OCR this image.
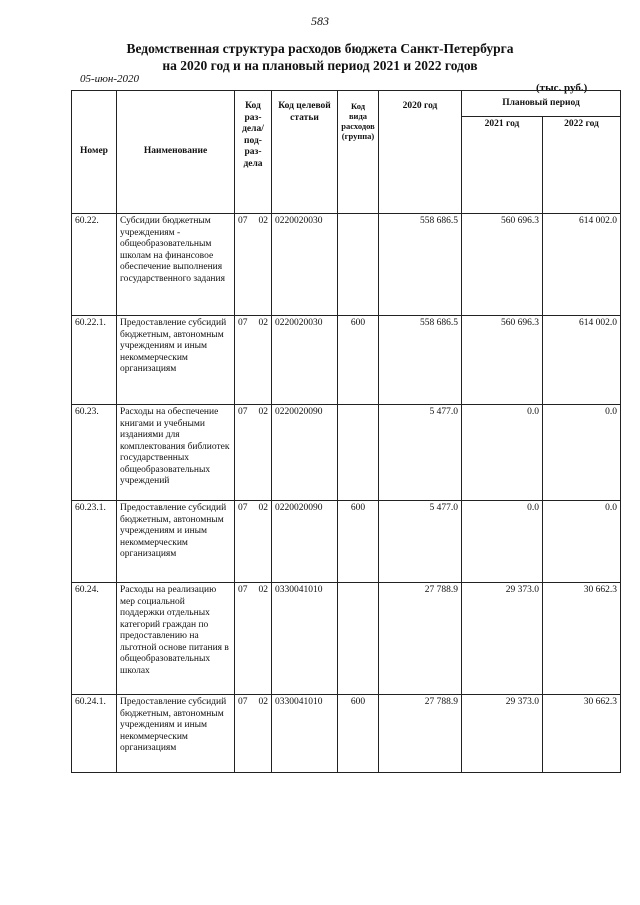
583
Ведомственная структура расходов бюджета Санкт-Петербурга
на 2020 год и на плановый период 2021 и 2022 годов
05-июн-2020
(тыс. руб.)
Номер	Наименование	Код раз- дела/ под- раз- дела	Код целевой статьи	Код вида расходов (группа)	2020 год	Плановый период	
						2021 год	2022 год
60.22.	Субсидии бюджетным учреждениям - общеобразовательным школам на финансовое обеспечение выполнения государственного задания	07 02	0220020030		558 686.5	560 696.3	614 002.0
60.22.1.	Предоставление субсидий бюджетным, автономным учреждениям и иным некоммерческим организациям	07 02	0220020030	600	558 686.5	560 696.3	614 002.0
60.23.	Расходы на обеспечение книгами и учебными изданиями для комплектования библиотек государственных общеобразовательных учреждений	07 02	0220020090		5 477.0	0.0	0.0
60.23.1.	Предоставление субсидий бюджетным, автономным учреждениям и иным некоммерческим организациям	07 02	0220020090	600	5 477.0	0.0	0.0
60.24.	Расходы на реализацию мер социальной поддержки отдельных категорий граждан по предоставлению на льготной основе питания в общеобразовательных школах	07 02	0330041010		27 788.9	29 373.0	30 662.3
60.24.1.	Предоставление субсидий бюджетным, автономным учреждениям и иным некоммерческим организациям	07 02	0330041010	600	27 788.9	29 373.0	30 662.3
